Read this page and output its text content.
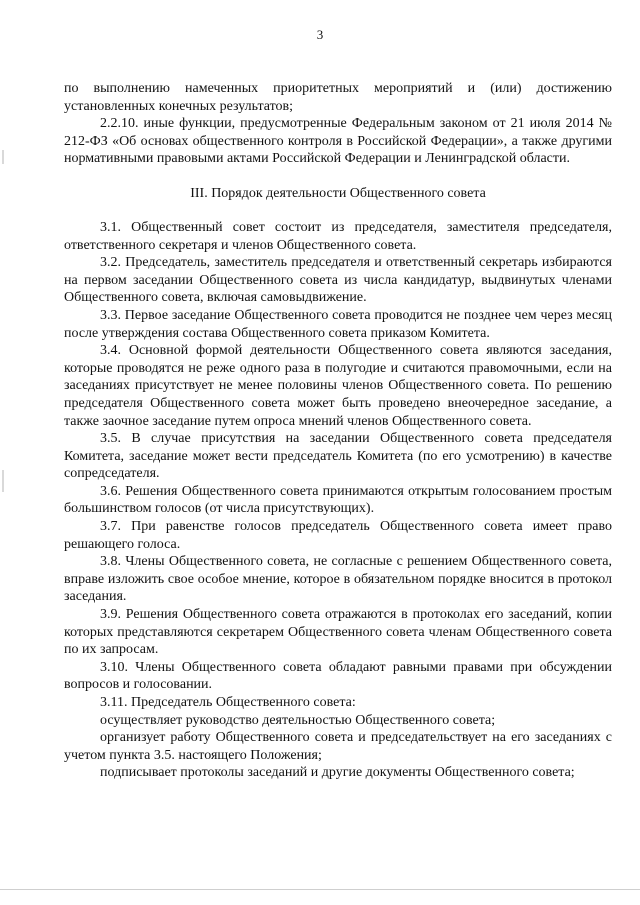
3

по выполнению намеченных приоритетных мероприятий и (или) достижению установленных конечных результатов;

2.2.10. иные функции, предусмотренные Федеральным законом от 21 июля 2014 № 212-ФЗ «Об основах общественного контроля в Российской Федерации», а также другими нормативными правовыми актами Российской Федерации и Ленинградской области.

III. Порядок деятельности Общественного совета

3.1. Общественный совет состоит из председателя, заместителя председателя, ответственного секретаря и членов Общественного совета.

3.2. Председатель, заместитель председателя и ответственный секретарь избираются на первом заседании Общественного совета из числа кандидатур, выдвинутых членами Общественного совета, включая самовыдвижение.

3.3. Первое заседание Общественного совета проводится не позднее чем через месяц после утверждения состава Общественного совета приказом Комитета.

3.4. Основной формой деятельности Общественного совета являются заседания, которые проводятся не реже одного раза в полугодие и считаются правомочными, если на заседаниях присутствует не менее половины членов Общественного совета. По решению председателя Общественного совета может быть проведено внеочередное заседание, а также заочное заседание путем опроса мнений членов Общественного совета.

3.5. В случае присутствия на заседании Общественного совета председателя Комитета, заседание может вести председатель Комитета (по его усмотрению) в качестве сопредседателя.

3.6. Решения Общественного совета принимаются открытым голосованием простым большинством голосов (от числа присутствующих).

3.7. При равенстве голосов председатель Общественного совета имеет право решающего голоса.

3.8. Члены Общественного совета, не согласные с решением Общественного совета, вправе изложить свое особое мнение, которое в обязательном порядке вносится в протокол заседания.

3.9. Решения Общественного совета отражаются в протоколах его заседаний, копии которых представляются секретарем Общественного совета членам Общественного совета по их запросам.

3.10. Члены Общественного совета обладают равными правами при обсуждении вопросов и голосовании.

3.11. Председатель Общественного совета:

осуществляет руководство деятельностью Общественного совета;

организует работу Общественного совета и председательствует на его заседаниях с учетом пункта 3.5. настоящего Положения;

подписывает протоколы заседаний и другие документы Общественного совета;
